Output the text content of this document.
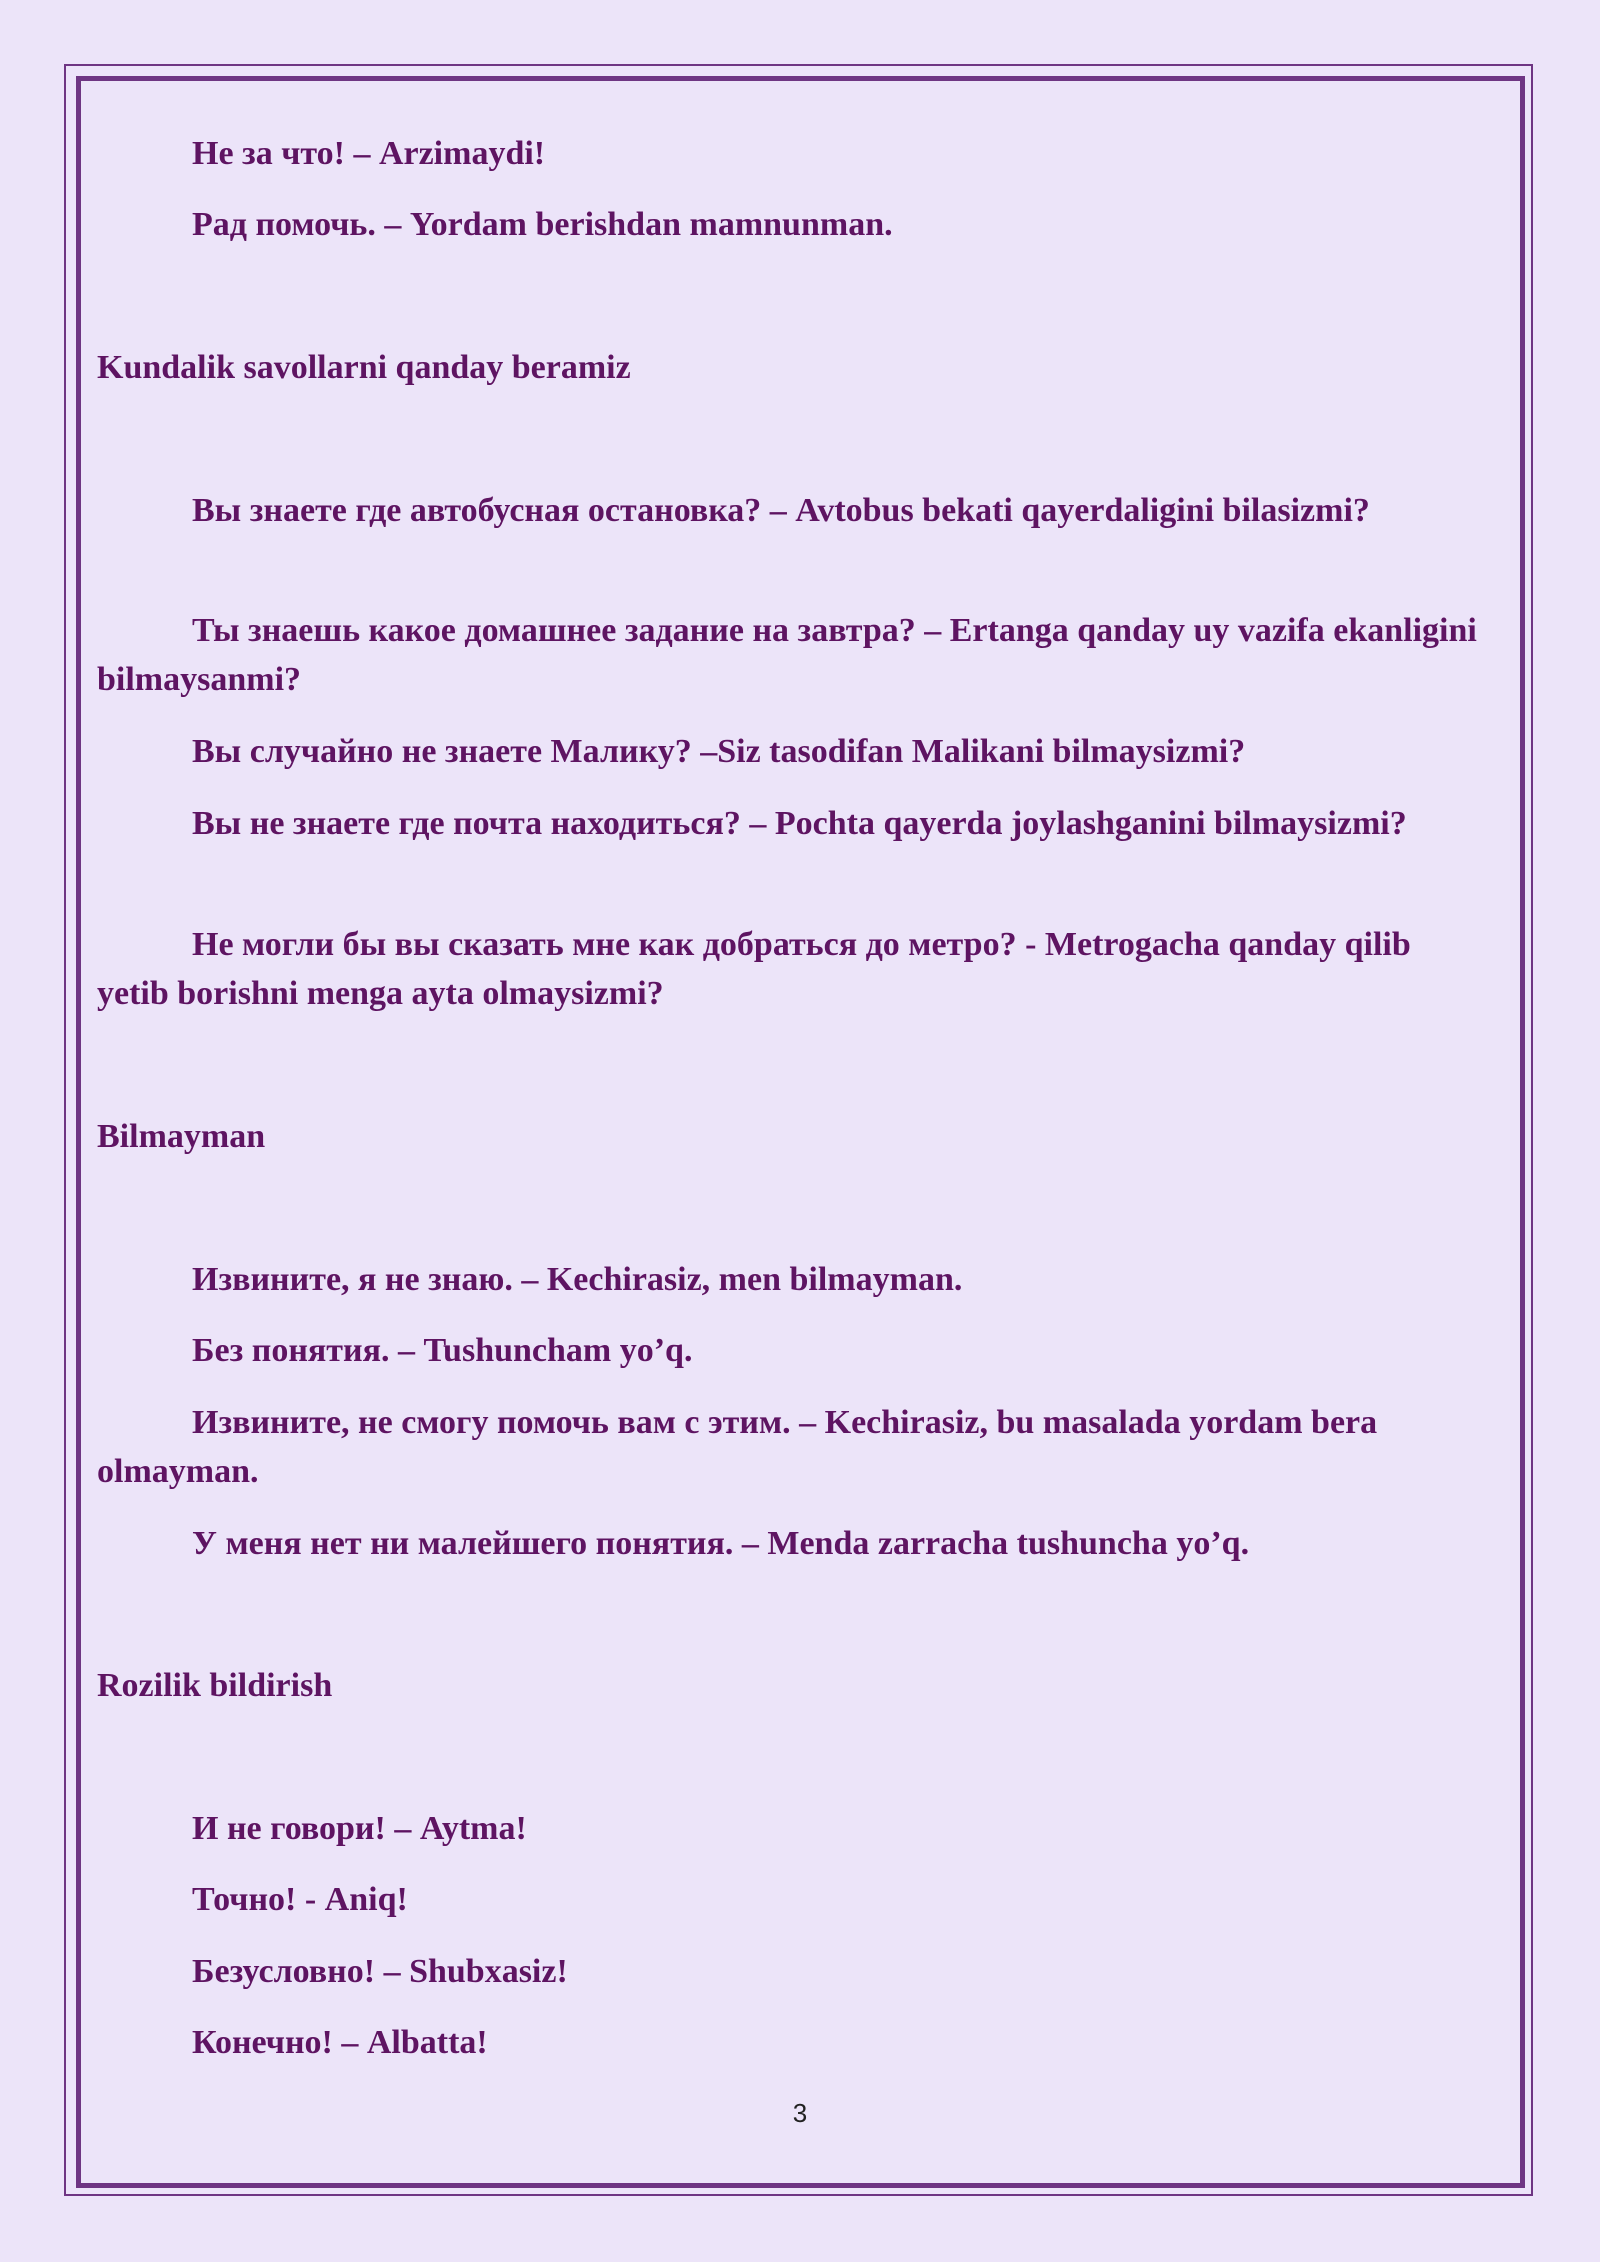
Не за что! – Arzimaydi!

Рад помочь. – Yordam berishdan mamnunman.

Kundalik savollarni qanday beramiz

Вы знаете где автобусная остановка? – Avtobus bekati qayerdaligini bilasizmi?

Ты знаешь какое домашнее задание на завтра? – Ertanga qanday uy vazifa ekanligini bilmaysanmi?

Вы случайно не знаете Малику? –Siz tasodifan Malikani bilmaysizmi?

Вы не знаете где почта находиться? – Pochta qayerda joylashganini bilmaysizmi?

Не могли бы вы сказать мне как добраться до метро? - Metrogacha qanday qilib yetib borishni menga ayta olmaysizmi?

Bilmayman

Извините, я не знаю. – Kechirasiz, men bilmayman.

Без понятия. – Tushuncham yo’q.

Извините, не смогу помочь вам с этим. – Kechirasiz, bu masalada yordam bera olmayman.

У меня нет ни малейшего понятия. – Menda zarracha tushuncha yo’q.

Rozilik bildirish

И не говори! – Aytma!

Точно! - Aniq!

Безусловно! – Shubxasiz!

Конечно! – Albatta!

3
